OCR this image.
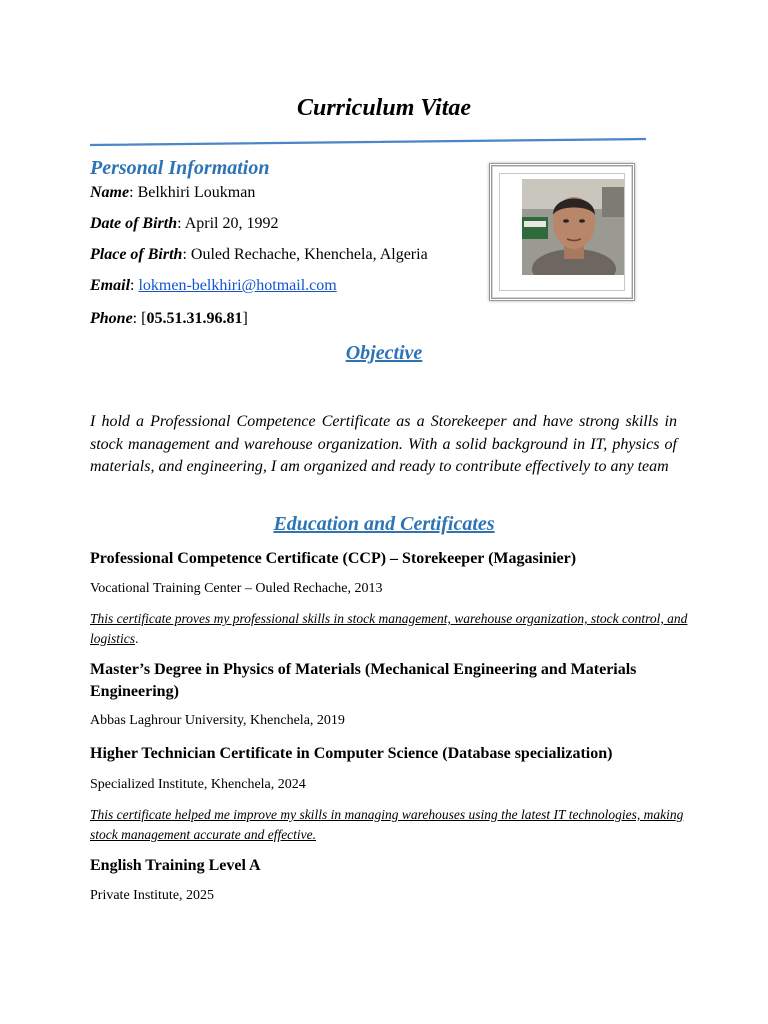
Curriculum Vitae
Personal Information
Name: Belkhiri Loukman
Date of Birth: April 20, 1992
Place of Birth: Ouled Rechache, Khenchela, Algeria
Email: lokmen-belkhiri@hotmail.com
Phone: [05.51.31.96.81]
Objective
I hold a Professional Competence Certificate as a Storekeeper and have strong skills in stock management and warehouse organization. With a solid background in IT, physics of materials, and engineering, I am organized and ready to contribute effectively to any team
Education and Certificates
Professional Competence Certificate (CCP) – Storekeeper (Magasinier)
Vocational Training Center – Ouled Rechache, 2013
This certificate proves my professional skills in stock management, warehouse organization, stock control, and logistics.
Master’s Degree in Physics of Materials (Mechanical Engineering and Materials Engineering)
Abbas Laghrour University, Khenchela, 2019
Higher Technician Certificate in Computer Science (Database specialization)
Specialized Institute, Khenchela, 2024
This certificate helped me improve my skills in managing warehouses using the latest IT technologies, making stock management accurate and effective.
English Training Level A
Private Institute, 2025
